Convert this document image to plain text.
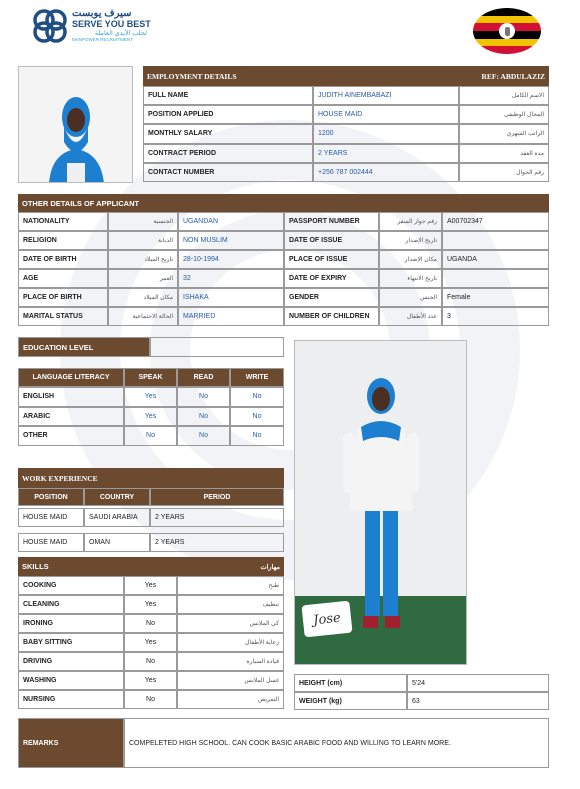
سيرف يوبست
SERVE YOU BEST
لجلب الأيدي العاملة
MANPOWER RECRUITMENT
EMPLOYMENT DETAILS	REF: ABDULAZIZ
FULL NAME	JUDITH AINEMBABAZI	الاسم الكامل
POSITION APPLIED	HOUSE MAID	المجال الوظيفي
MONTHLY SALARY	1200	الراتب الشهري
CONTRACT PERIOD	2 YEARS	مدة العقد
CONTACT NUMBER	+256 787 002444	رقم الجوال
OTHER DETAILS OF APPLICANT
NATIONALITY	الجنسية	UGANDAN	PASSPORT NUMBER	رقم جواز السفر	A00702347
RELIGION	الديانة	NON MUSLIM	DATE OF ISSUE	تاريخ الإصدار
DATE OF BIRTH	تاريخ الميلاد	28-10-1994	PLACE OF ISSUE	مكان الإصدار	UGANDA
AGE	العمر	32	DATE OF EXPIRY	تاريخ الانتهاء
PLACE OF BIRTH	مكان الميلاد	ISHAKA	GENDER	الجنس	Female
MARITAL STATUS	الحالة الاجتماعية	MARRIED	NUMBER OF CHILDREN	عدد الأطفال	3
EDUCATION LEVEL
LANGUAGE LITERACY	SPEAK	READ	WRITE
ENGLISH	Yes	No	No
ARABIC	Yes	No	No
OTHER	No	No	No
WORK EXPERIENCE
POSITION	COUNTRY	PERIOD
HOUSE MAID	SAUDI ARABIA	2 YEARS
HOUSE MAID	OMAN	2 YEARS
SKILLS	مهارات
COOKING	Yes	طبخ
CLEANING	Yes	تنظيف
IRONING	No	كي الملابس
BABY SITTING	Yes	رعاية الأطفال
DRIVING	No	قيادة السيارة
WASHING	Yes	غسل الملابس
NURSING	No	التمريض
Jose
HEIGHT (cm)	5'24
WEIGHT (kg)	63
REMARKS	COMPELETED HIGH SCHOOL. CAN COOK BASIC ARABIC FOOD AND WILLING TO LEARN MORE.
